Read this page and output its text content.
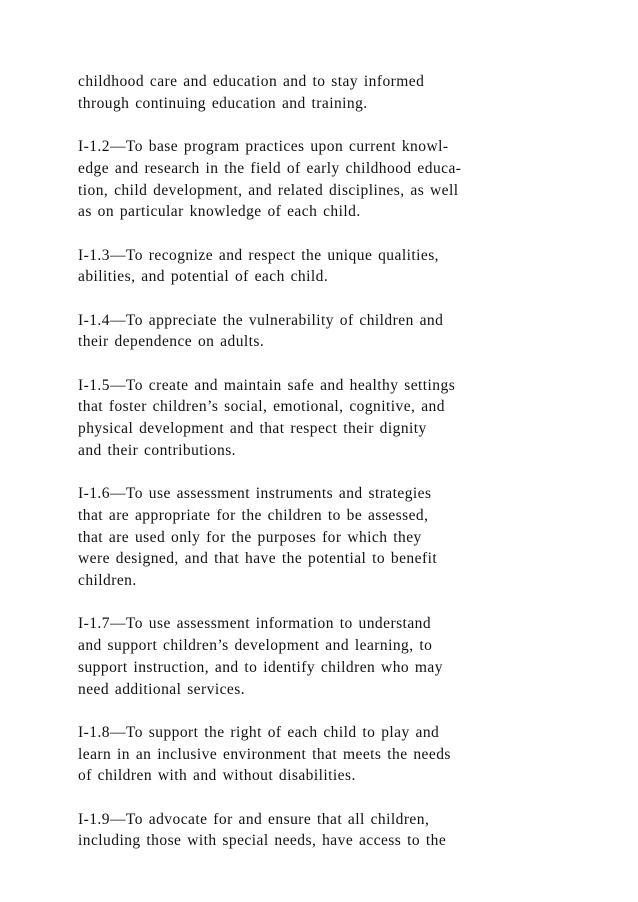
childhood care and education and to stay informed
through continuing education and training.

I-1.2—To base program practices upon current knowl-
edge and research in the field of early childhood educa-
tion, child development, and related disciplines, as well
as on particular knowledge of each child.

I-1.3—To recognize and respect the unique qualities,
abilities, and potential of each child.

I-1.4—To appreciate the vulnerability of children and
their dependence on adults.

I-1.5—To create and maintain safe and healthy settings
that foster children’s social, emotional, cognitive, and
physical development and that respect their dignity
and their contributions.

I-1.6—To use assessment instruments and strategies
that are appropriate for the children to be assessed,
that are used only for the purposes for which they
were designed, and that have the potential to benefit
children.

I-1.7—To use assessment information to understand
and support children’s development and learning, to
support instruction, and to identify children who may
need additional services.

I-1.8—To support the right of each child to play and
learn in an inclusive environment that meets the needs
of children with and without disabilities.

I-1.9—To advocate for and ensure that all children,
including those with special needs, have access to the
